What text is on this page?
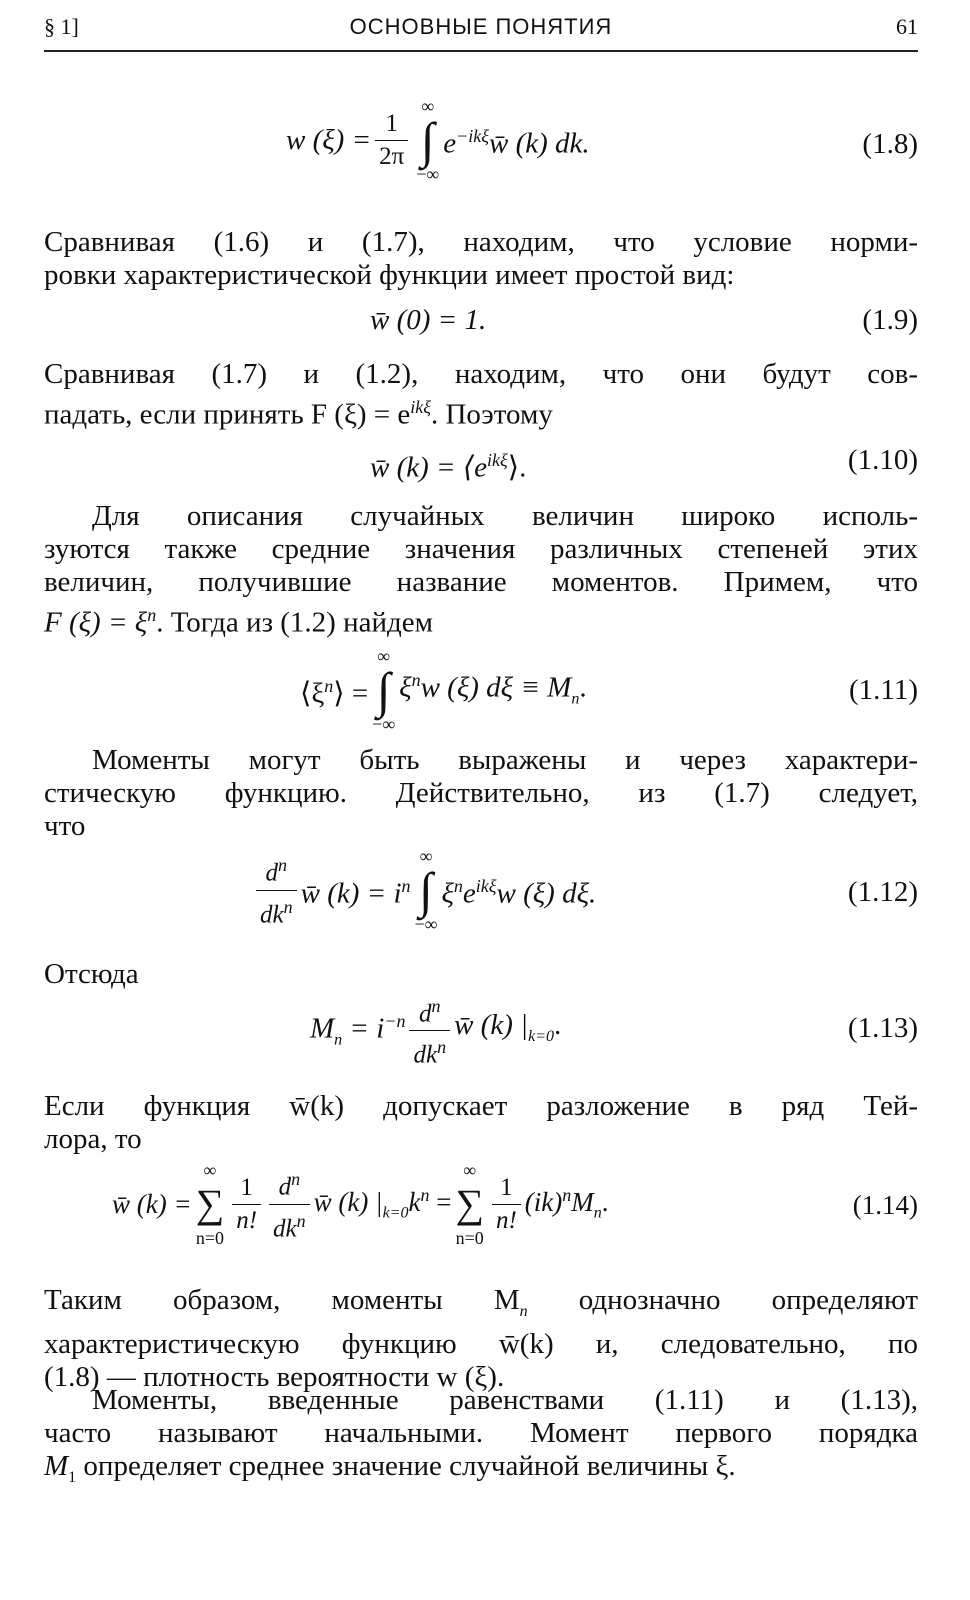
§ 1]	ОСНОВНЫЕ ПОНЯТИЯ	61
w $(\xi) = \frac{1}{2\pi}$
∞
∫
−∞
$e^{-ik\xi}w̄$ (k) dk.	(1.8)
Сравнивая (1.6) и (1.7), находим, что условие норми-
ровки характеристической функции имеет простой вид:
w̄ (0) = 1.	(1.9)
Сравнивая (1.7) и (1.2), находим, что они будут сов-
падать, если принять F $(\xi) = e^{ik\xi}$. Поэтому
w̄ $(k) = ⟨e^{ik\xi}⟩$.	(1.10)
Для описания случайных величин широко исполь-
зуются также средние значения различных степеней этих
величин, получившие название моментов. Примем, что
F $(\xi) = \xi^n$. Тогда из (1.2) найдем
$⟨\xi^n⟩$ =
∞
∫
−∞
$\xi^nw$ (ξ) $d\xi \equiv M_n$.	(1.11)
Моменты могут быть выражены и через характери-
стическую функцию. Действительно, из (1.7) следует,
что
$\frac{d^n}{dk^n}$ w̄ $(k) = i^n$
∞
∫
−∞
$\xi^ne^{ik\xi}w$ (ξ) dξ.	(1.12)
Отсюда
$M_n = i^{-n} \frac{d^n}{dk^n}$ w̄ (k) $|_{k=0}$.	(1.13)
Если функция w̄(k) допускает разложение в ряд Тей-
лора, то
w̄ (k) =
∞
∑
n=0
$\frac{1}{n!} \frac{d^n}{dk^n}$ w̄ (k) $|_{k=0}k^n$ =
∞
∑
n=0
$\frac{1}{n!} (ik)^nM_n$.	(1.14)
Таким образом, моменты $M_n$ однозначно определяют
характеристическую функцию w̄(k) и, следовательно, по
(1.8) — плотность вероятности w (ξ).
Моменты, введенные равенствами (1.11) и (1.13),
часто называют начальными. Момент первого порядка
$M_1$ определяет среднее значение случайной величины ξ.
